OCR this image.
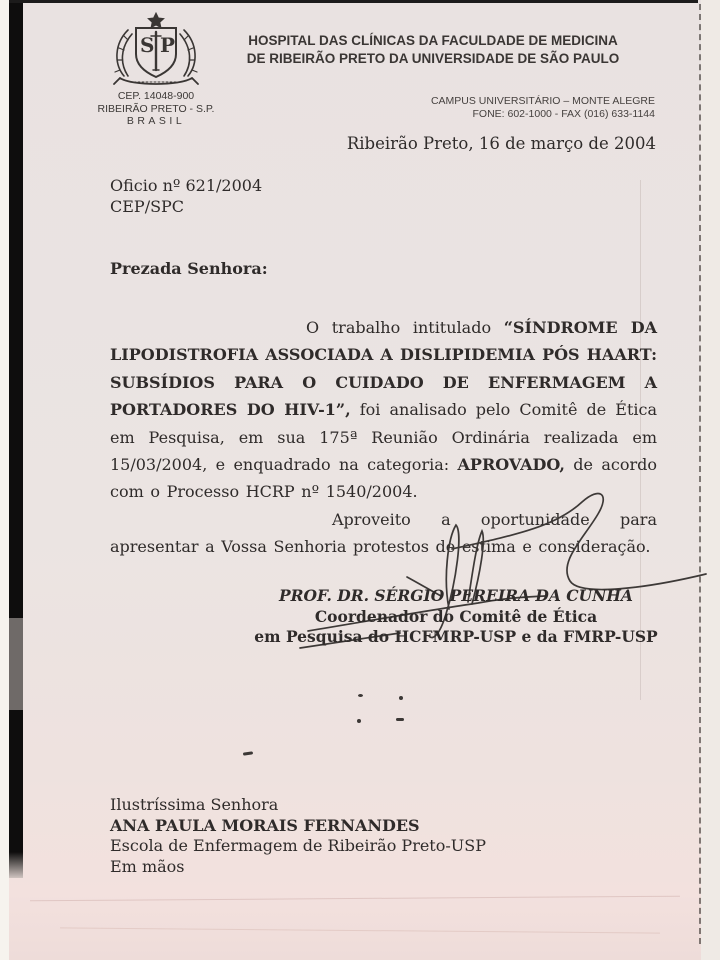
S P
CEP. 14048-900
RIBEIRÃO PRETO - S.P.
BRASIL
HOSPITAL DAS CLÍNICAS DA FACULDADE DE MEDICINA
DE RIBEIRÃO PRETO DA UNIVERSIDADE DE SÃO PAULO
CAMPUS UNIVERSITÁRIO – MONTE ALEGRE
FONE: 602-1000 - FAX (016) 633-1144
Ribeirão Preto, 16 de março de 2004
Oficio nº 621/2004
CEP/SPC
Prezada Senhora:

O trabalho intitulado “SÍNDROME DA LIPODISTROFIA ASSOCIADA A DISLIPIDEMIA PÓS HAART: SUBSÍDIOS PARA O CUIDADO DE ENFERMAGEM A PORTADORES DO HIV-1”, foi analisado pelo Comitê de Ética em Pesquisa, em sua 175ª Reunião Ordinária realizada em 15/03/2004, e enquadrado na categoria: APROVADO, de acordo com o Processo HCRP nº 1540/2004.

Aproveito a oportunidade para apresentar a Vossa Senhoria protestos de estima e consideração.

PROF. DR. SÉRGIO PEREIRA DA CUNHA
Coordenador do Comitê de Ética
em Pesquisa do HCFMRP-USP e da FMRP-USP
Ilustríssima Senhora
ANA PAULA MORAIS FERNANDES
Escola de Enfermagem de Ribeirão Preto-USP
Em mãos
